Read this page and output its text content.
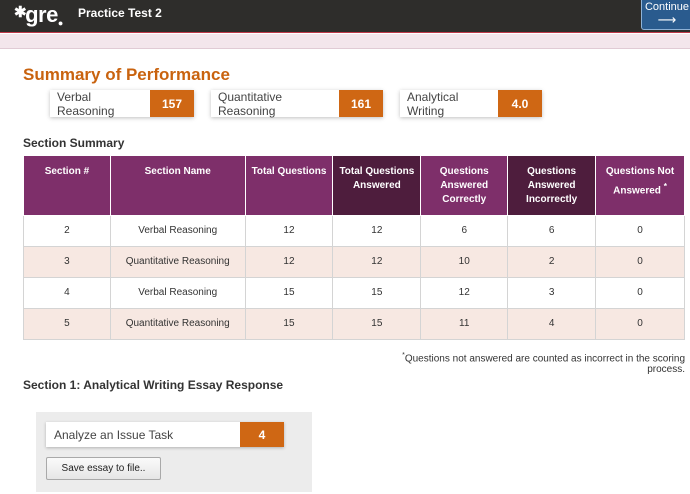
✱gre●
Practice Test 2	Continue
⟶
Summary of Performance
Verbal Reasoning	157	Quantitative Reasoning	161	Analytical Writing	4.0
Section Summary
Section #	Section Name	Total Questions	Total Questions Answered	Questions Answered Correctly	Questions Answered Incorrectly	Questions Not Answered *
2	Verbal Reasoning	12	12	6	6	0
3	Quantitative Reasoning	12	12	10	2	0
4	Verbal Reasoning	15	15	12	3	0
5	Quantitative Reasoning	15	15	11	4	0
*Questions not answered are counted as incorrect in the scoring process.
Section 1: Analytical Writing Essay Response
Analyze an Issue Task	4
Save essay to file..
